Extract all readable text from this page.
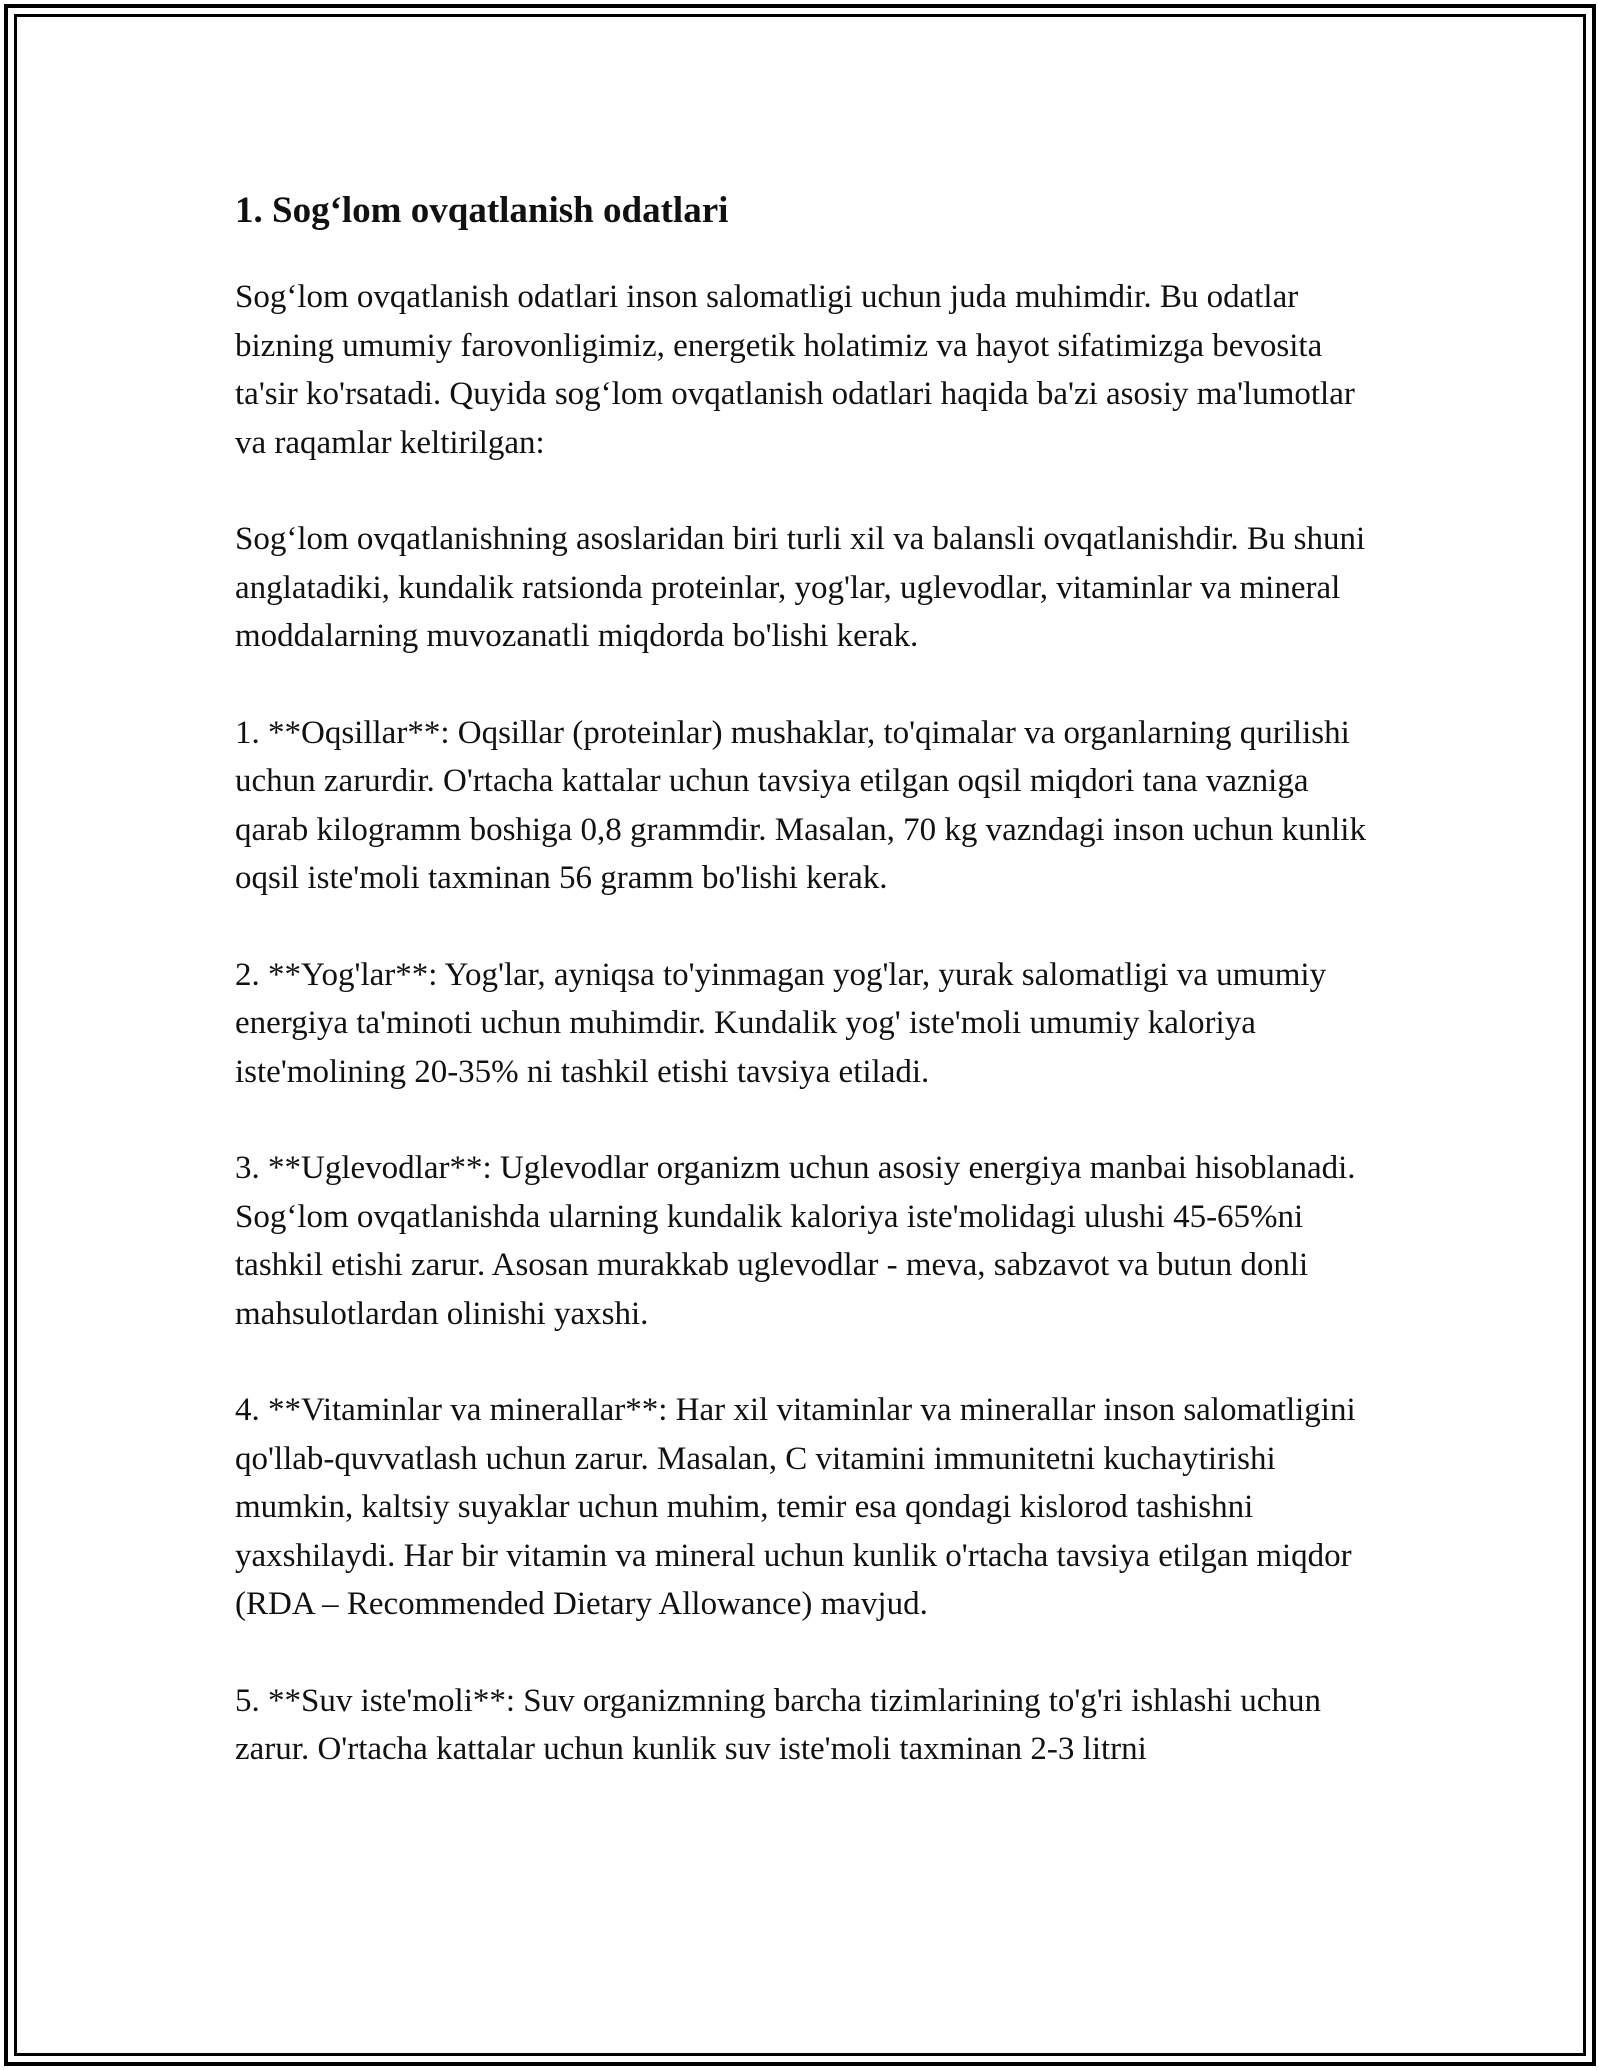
1. Sog‘lom ovqatlanish odatlari

Sog‘lom ovqatlanish odatlari inson salomatligi uchun juda muhimdir. Bu odatlar bizning umumiy farovonligimiz, energetik holatimiz va hayot sifatimizga bevosita ta'sir ko'rsatadi. Quyida sog‘lom ovqatlanish odatlari haqida ba'zi asosiy ma'lumotlar va raqamlar keltirilgan:

Sog‘lom ovqatlanishning asoslaridan biri turli xil va balansli ovqatlanishdir. Bu shuni anglatadiki, kundalik ratsionda proteinlar, yog'lar, uglevodlar, vitaminlar va mineral moddalarning muvozanatli miqdorda bo'lishi kerak.

1. **Oqsillar**: Oqsillar (proteinlar) mushaklar, to'qimalar va organlarning qurilishi uchun zarurdir. O'rtacha kattalar uchun tavsiya etilgan oqsil miqdori tana vazniga qarab kilogramm boshiga 0,8 grammdir. Masalan, 70 kg vazndagi inson uchun kunlik oqsil iste'moli taxminan 56 gramm bo'lishi kerak.

2. **Yog'lar**: Yog'lar, ayniqsa to'yinmagan yog'lar, yurak salomatligi va umumiy energiya ta'minoti uchun muhimdir. Kundalik yog' iste'moli umumiy kaloriya iste'molining 20-35% ni tashkil etishi tavsiya etiladi.

3. **Uglevodlar**: Uglevodlar organizm uchun asosiy energiya manbai hisoblanadi. Sog‘lom ovqatlanishda ularning kundalik kaloriya iste'molidagi ulushi 45-65%ni tashkil etishi zarur. Asosan murakkab uglevodlar - meva, sabzavot va butun donli mahsulotlardan olinishi yaxshi.

4. **Vitaminlar va minerallar**: Har xil vitaminlar va minerallar inson salomatligini qo'llab-quvvatlash uchun zarur. Masalan, C vitamini immunitetni kuchaytirishi mumkin, kaltsiy suyaklar uchun muhim, temir esa qondagi kislorod tashishni yaxshilaydi. Har bir vitamin va mineral uchun kunlik o'rtacha tavsiya etilgan miqdor (RDA – Recommended Dietary Allowance) mavjud.

5. **Suv iste'moli**: Suv organizmning barcha tizimlarining to'g'ri ishlashi uchun zarur. O'rtacha kattalar uchun kunlik suv iste'moli taxminan 2-3 litrni
